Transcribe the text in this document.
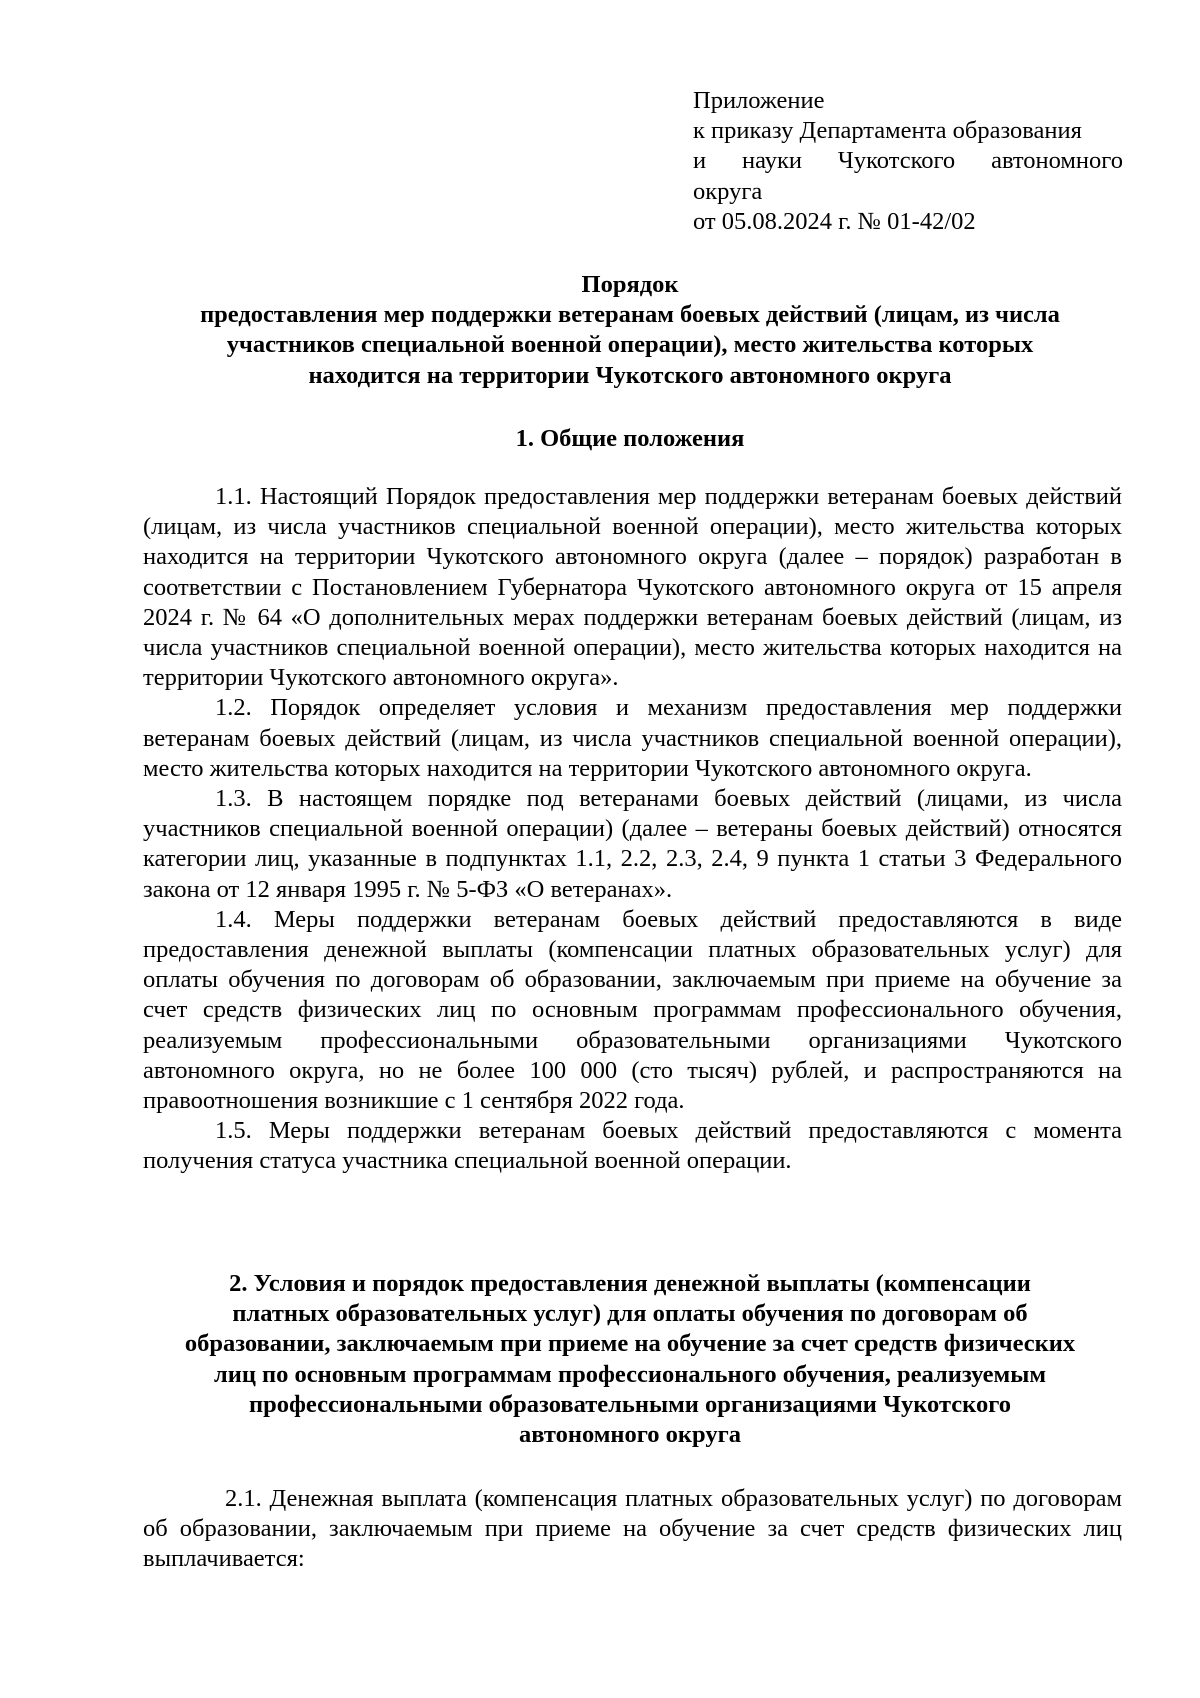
Приложение
к приказу Департамента образования
и науки Чукотского автономного
округа
от 05.08.2024 г. № 01-42/02
Порядок
предоставления мер поддержки ветеранам боевых действий (лицам, из числа
участников специальной военной операции), место жительства которых
находится на территории Чукотского автономного округа
1. Общие положения

1.1. Настоящий Порядок предоставления мер поддержки ветеранам боевых действий (лицам, из числа участников специальной военной операции), место жительства которых находится на территории Чукотского автономного округа (далее – порядок) разработан в соответствии с Постановлением Губернатора Чукотского автономного округа от 15 апреля 2024 г. № 64 «О дополнительных мерах поддержки ветеранам боевых действий (лицам, из числа участников специальной военной операции), место жительства которых находится на территории Чукотского автономного округа».

1.2. Порядок определяет условия и механизм предоставления мер поддержки ветеранам боевых действий (лицам, из числа участников специальной военной операции), место жительства которых находится на территории Чукотского автономного округа.

1.3. В настоящем порядке под ветеранами боевых действий (лицами, из числа участников специальной военной операции) (далее – ветераны боевых действий) относятся категории лиц, указанные в подпунктах 1.1, 2.2, 2.3, 2.4, 9 пункта 1 статьи 3 Федерального закона от 12 января 1995 г. № 5-ФЗ «О ветеранах».

1.4. Меры поддержки ветеранам боевых действий предоставляются в виде предоставления денежной выплаты (компенсации платных образовательных услуг) для оплаты обучения по договорам об образовании, заключаемым при приеме на обучение за счет средств физических лиц по основным программам профессионального обучения, реализуемым профессиональными образовательными организациями Чукотского автономного округа, но не более 100 000 (сто тысяч) рублей, и распространяются на правоотношения возникшие с 1 сентября 2022 года.

1.5. Меры поддержки ветеранам боевых действий предоставляются с момента получения статуса участника специальной военной операции.

2. Условия и порядок предоставления денежной выплаты (компенсации
платных образовательных услуг) для оплаты обучения по договорам об
образовании, заключаемым при приеме на обучение за счет средств физических
лиц по основным программам профессионального обучения, реализуемым
профессиональными образовательными организациями Чукотского
автономного округа

2.1. Денежная выплата (компенсация платных образовательных услуг) по договорам об образовании, заключаемым при приеме на обучение за счет средств физических лиц выплачивается:
